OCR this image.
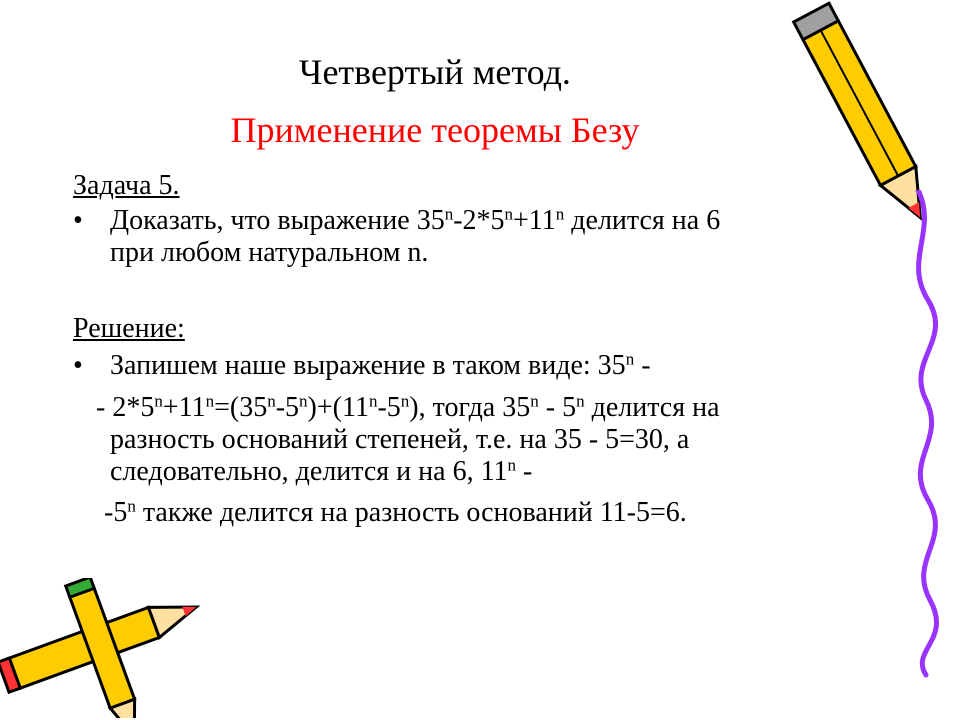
Четвертый метод.
Применение теоремы Безу
Задача 5.
• Доказать, что выражение $35^n-2*5^n+11^n$ делится на 6
при любом натуральном n.
Решение:
• Запишем наше выражение в таком виде: 35$^n$ -
- $2*5^n+11^n=(35^n-5^n)+(11^n-5^n)$, тогда 35$^n$ - 5$^n$ делится на
разность оснований степеней, т.е. на 35 - 5=30, а
следовательно, делится и на 6, 11$^n$ -
-5$^n$ также делится на разность оснований 11-5=6.
